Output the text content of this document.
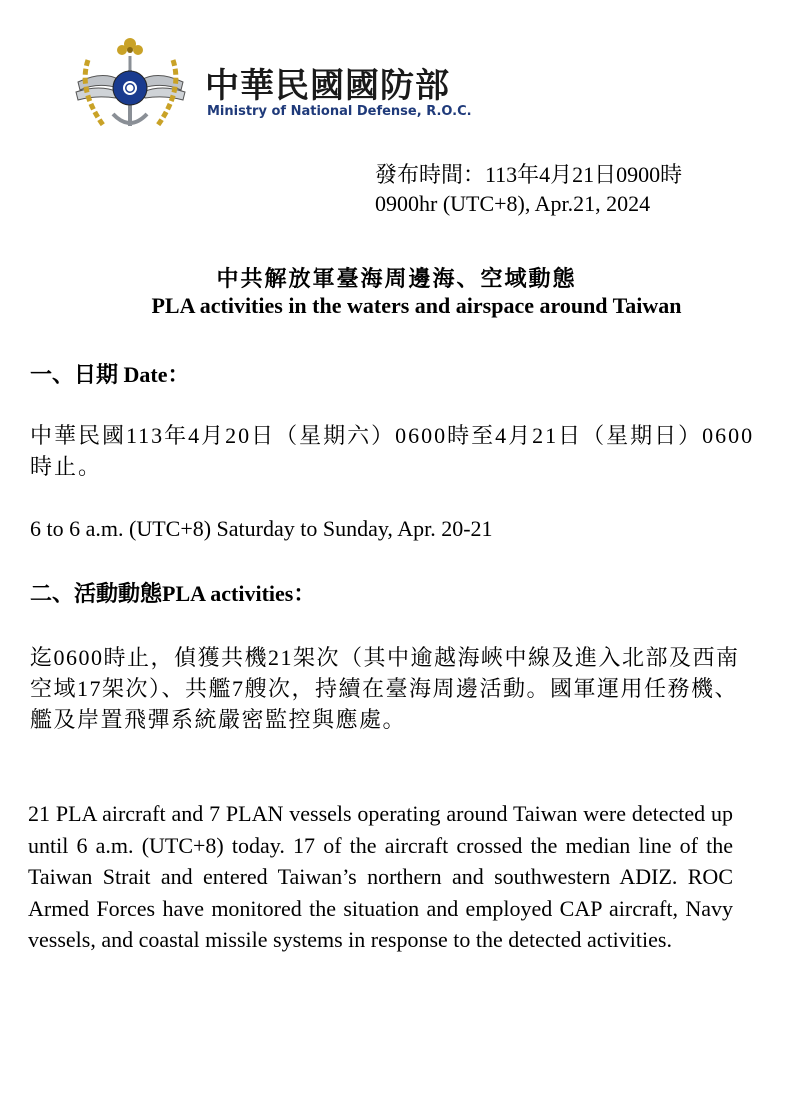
中華民國國防部
Ministry of National Defense, R.O.C.
發布時間：113年4月21日0900時
0900hr (UTC+8), Apr.21, 2024
中共解放軍臺海周邊海、空域動態
PLA activities in the waters and airspace around Taiwan
一、日期 Date：
中華民國113年4月20日（星期六）0600時至4月21日（星期日）0600時止。
6 to 6 a.m. (UTC+8) Saturday to Sunday, Apr. 20-21
二、活動動態PLA activities：
迄0600時止，偵獲共機21架次（其中逾越海峽中線及進入北部及西南空域17架次）、共艦7艘次，持續在臺海周邊活動。國軍運用任務機、艦及岸置飛彈系統嚴密監控與應處。
21 PLA aircraft and 7 PLAN vessels operating around Taiwan were detected up until 6 a.m. (UTC+8) today. 17 of the aircraft crossed the median line of the Taiwan Strait and entered Taiwan’s northern and southwestern ADIZ. ROC Armed Forces have monitored the situation and employed CAP aircraft, Navy vessels, and coastal missile systems in response to the detected activities.
